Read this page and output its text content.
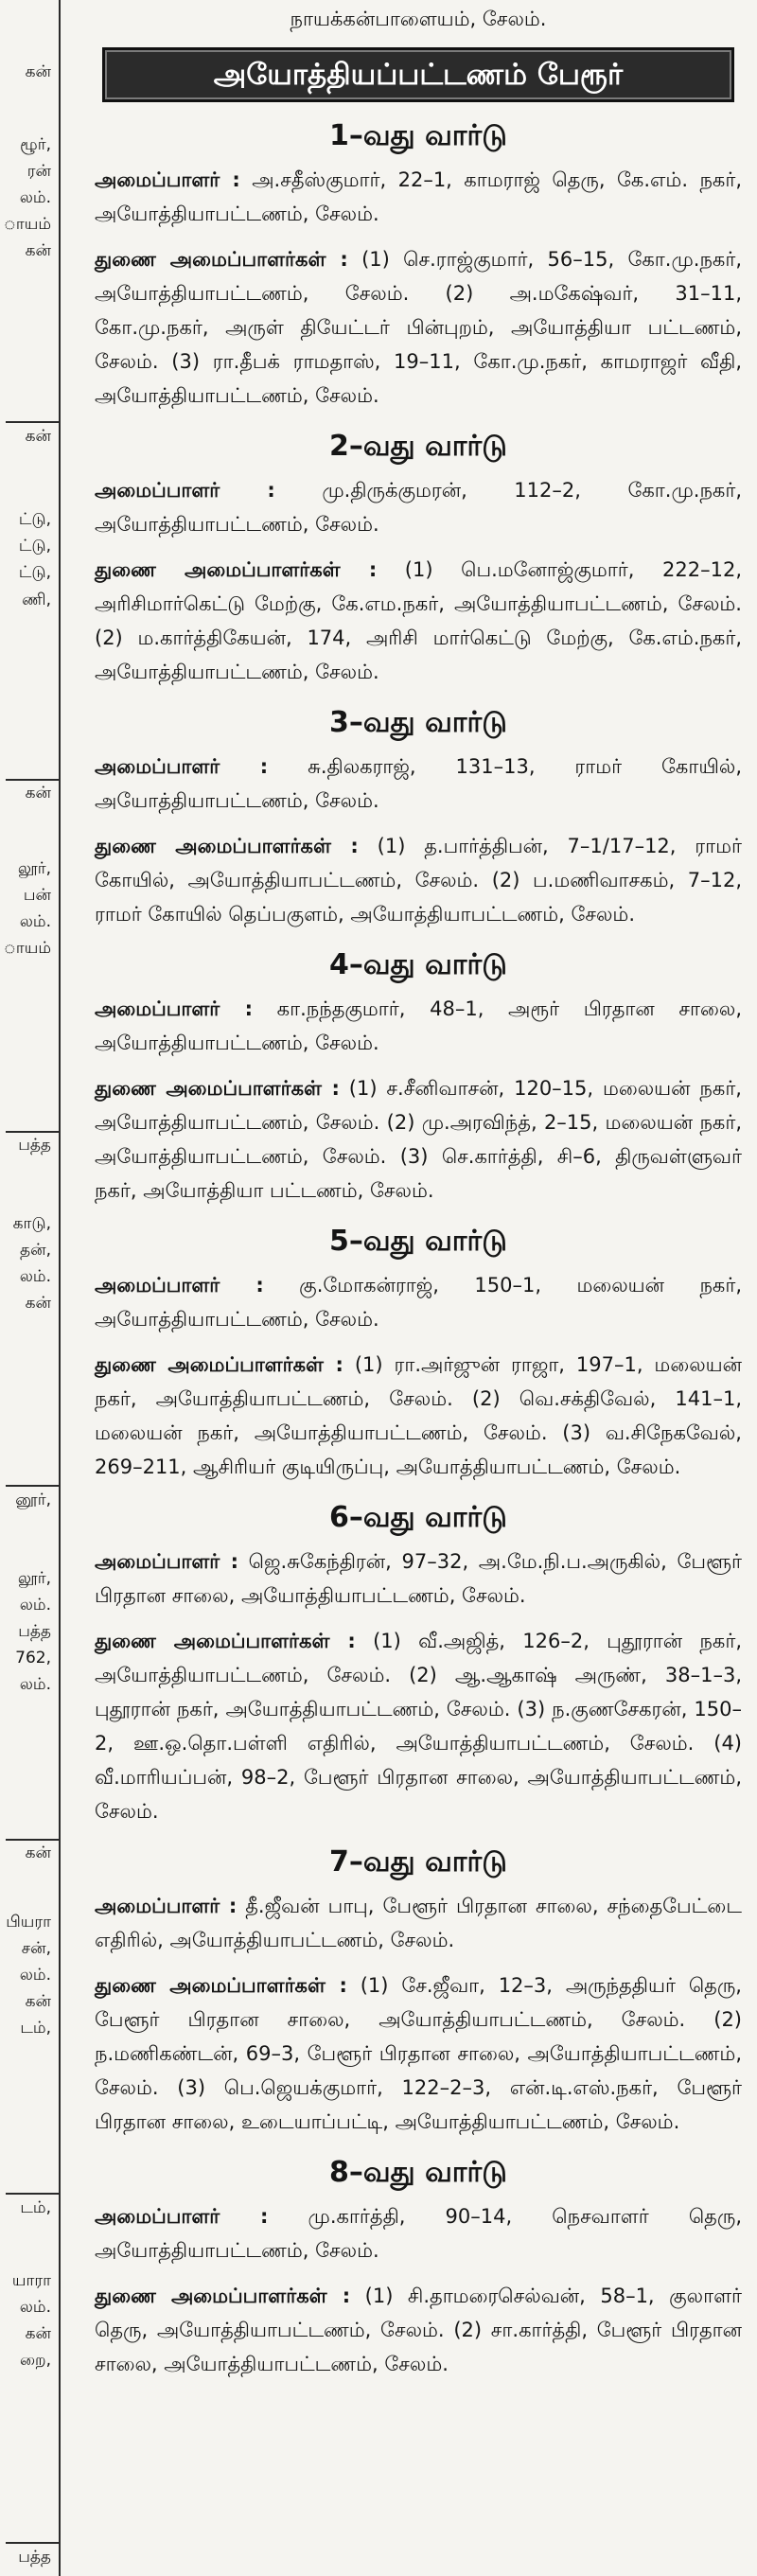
கன்
ழூர்,
ரன்
லம்.
ாயம்
கன்
கன்
ட்டு,
ட்டு,
ட்டு,
ணி,
கன்
லூர்,
பன்
லம்.
ாயம்
பத்த
காடு,
தன்,
லம்.
கன்
னூர்,
லூர்,
லம்.
பத்த
762,
லம்.
கன்
பியரா
சன்,
லம்.
கன்
டம்,
டம்,
யாரா
லம்.
கன்
றை,
பத்த
நாயக்கன்பாளையம், சேலம்.
அயோத்தியப்பட்டணம் பேரூர்
1–வது வார்டு
அமைப்பாளர் : அ.சதீஸ்குமார், 22–1, காமராஜ் தெரு, கே.எம். நகர், அயோத்தியாபட்டணம், சேலம்.
துணை அமைப்பாளர்கள் : (1) செ.ராஜ்குமார், 56–15, கோ.மு.நகர், அயோத்தியாபட்டணம், சேலம். (2) அ.மகேஷ்வர், 31–11, கோ.மு.நகர், அருள் தியேட்டர் பின்புறம், அயோத்தியா பட்டணம், சேலம். (3) ரா.தீபக் ராமதாஸ், 19–11, கோ.மு.நகர், காமராஜர் வீதி, அயோத்தியாபட்டணம், சேலம்.
2–வது வார்டு
அமைப்பாளர் : மு.திருக்குமரன், 112–2, கோ.மு.நகர், அயோத்தியாபட்டணம், சேலம்.
துணை அமைப்பாளர்கள் : (1) பெ.மனோஜ்குமார், 222–12, அரிசிமார்கெட்டு மேற்கு, கே.எம.நகர், அயோத்தியாபட்டணம், சேலம். (2) ம.கார்த்திகேயன், 174, அரிசி மார்கெட்டு மேற்கு, கே.எம்.நகர், அயோத்தியாபட்டணம், சேலம்.
3–வது வார்டு
அமைப்பாளர் : சு.திலகராஜ், 131–13, ராமர் கோயில், அயோத்தியாபட்டணம், சேலம்.
துணை அமைப்பாளர்கள் : (1) த.பார்த்திபன், 7–1/17–12, ராமர் கோயில், அயோத்தியாபட்டணம், சேலம். (2) ப.மணிவாசகம், 7–12, ராமர் கோயில் தெப்பகுளம், அயோத்தியாபட்டணம், சேலம்.
4–வது வார்டு
அமைப்பாளர் : கா.நந்தகுமார், 48–1, அரூர் பிரதான சாலை, அயோத்தியாபட்டணம், சேலம்.
துணை அமைப்பாளர்கள் : (1) ச.சீனிவாசன், 120–15, மலையன் நகர், அயோத்தியாபட்டணம், சேலம். (2) மு.அரவிந்த், 2–15, மலையன் நகர், அயோத்தியாபட்டணம், சேலம். (3) செ.கார்த்தி, சி–6, திருவள்ளுவர் நகர், அயோத்தியா பட்டணம், சேலம்.
5–வது வார்டு
அமைப்பாளர் : கு.மோகன்ராஜ், 150–1, மலையன் நகர், அயோத்தியாபட்டணம், சேலம்.
துணை அமைப்பாளர்கள் : (1) ரா.அர்ஜுன் ராஜா, 197–1, மலையன் நகர், அயோத்தியாபட்டணம், சேலம். (2) வெ.சக்திவேல், 141–1, மலையன் நகர், அயோத்தியாபட்டணம், சேலம். (3) வ.சிநேகவேல், 269–211, ஆசிரியர் குடியிருப்பு, அயோத்தியாபட்டணம், சேலம்.
6–வது வார்டு
அமைப்பாளர் : ஜெ.சுகேந்திரன், 97–32, அ.மே.நி.ப.அருகில், பேளூர் பிரதான சாலை, அயோத்தியாபட்டணம், சேலம்.
துணை அமைப்பாளர்கள் : (1) வீ.அஜித், 126–2, புதூரான் நகர், அயோத்தியாபட்டணம், சேலம். (2) ஆ.ஆகாஷ் அருண், 38–1–3, புதூரான் நகர், அயோத்தியாபட்டணம், சேலம். (3) ந.குணசேகரன், 150–2, ஊ.ஒ.தொ.பள்ளி எதிரில், அயோத்தியாபட்டணம், சேலம். (4) வீ.மாரியப்பன், 98–2, பேளூர் பிரதான சாலை, அயோத்தியாபட்டணம், சேலம்.
7–வது வார்டு
அமைப்பாளர் : தீ.ஜீவன் பாபு, பேளூர் பிரதான சாலை, சந்தைபேட்டை எதிரில், அயோத்தியாபட்டணம், சேலம்.
துணை அமைப்பாளர்கள் : (1) சே.ஜீவா, 12–3, அருந்ததியர் தெரு, பேளூர் பிரதான சாலை, அயோத்தியாபட்டணம், சேலம். (2) ந.மணிகண்டன், 69–3, பேளூர் பிரதான சாலை, அயோத்தியாபட்டணம், சேலம். (3) பெ.ஜெயக்குமார், 122–2–3, என்.டி.எஸ்.நகர், பேளூர் பிரதான சாலை, உடையாப்பட்டி, அயோத்தியாபட்டணம், சேலம்.
8–வது வார்டு
அமைப்பாளர் : மு.கார்த்தி, 90–14, நெசவாளர் தெரு, அயோத்தியாபட்டணம், சேலம்.
துணை அமைப்பாளர்கள் : (1) சி.தாமரைசெல்வன், 58–1, குலாளர் தெரு, அயோத்தியாபட்டணம், சேலம். (2) சா.கார்த்தி, பேளூர் பிரதான சாலை, அயோத்தியாபட்டணம், சேலம்.
